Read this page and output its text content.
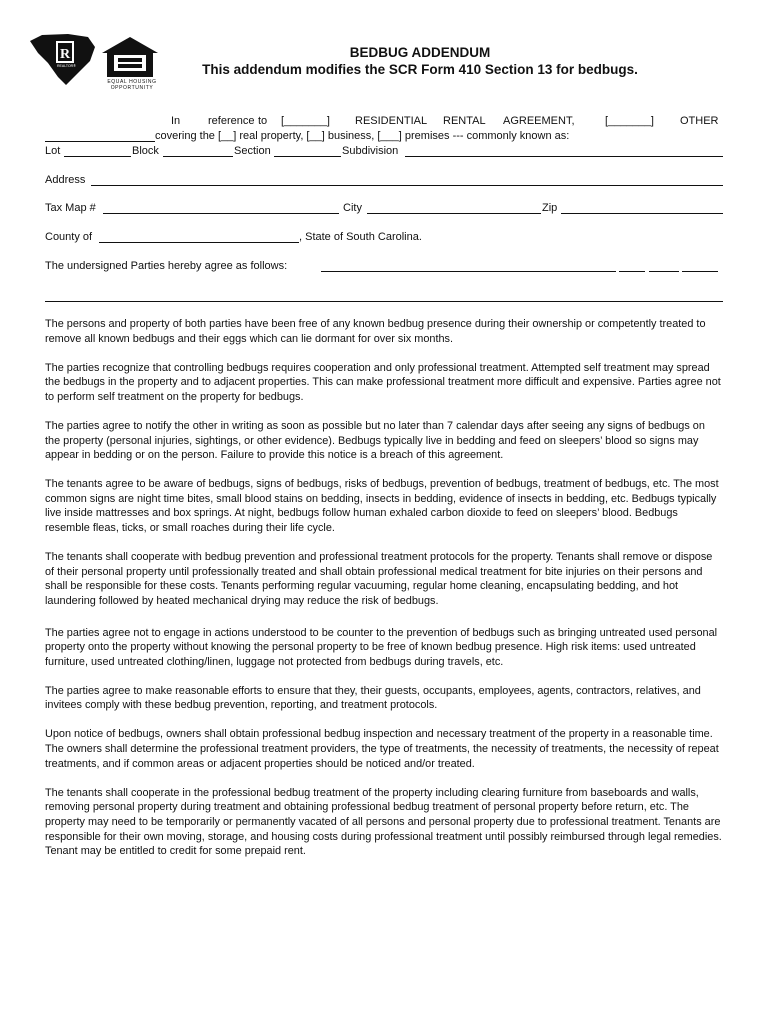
R
REALTOR®
EQUAL HOUSING OPPORTUNITY
BEDBUG ADDENDUM
This addendum modifies the SCR Form 410 Section 13 for bedbugs.
In	reference to [_______] RESIDENTIAL RENTAL AGREEMENT,	[_______] OTHER
covering the [__] real property, [__] business, [___] premises --- commonly known as:
Lot	Block	Section	Subdivision
Address
Tax Map #	City	Zip
County of	, State of South Carolina.
The undersigned Parties hereby agree as follows:

The persons and property of both parties have been free of any known bedbug presence during their ownership or competently treated to remove all known bedbugs and their eggs which can lie dormant for over six months.

The parties recognize that controlling bedbugs requires cooperation and only professional treatment. Attempted self treatment may spread the bedbugs in the property and to adjacent properties. This can make professional treatment more difficult and expensive. Parties agree not to perform self treatment on the property for bedbugs.

The parties agree to notify the other in writing as soon as possible but no later than 7 calendar days after seeing any signs of bedbugs on the property (personal injuries, sightings, or other evidence). Bedbugs typically live in bedding and feed on sleepers’ blood so signs may appear in bedding or on the person. Failure to provide this notice is a breach of this agreement.

The tenants agree to be aware of bedbugs, signs of bedbugs, risks of bedbugs, prevention of bedbugs, treatment of bedbugs, etc. The most common signs are night time bites, small blood stains on bedding, insects in bedding, evidence of insects in bedding, etc. Bedbugs typically live inside mattresses and box springs. At night, bedbugs follow human exhaled carbon dioxide to feed on sleepers’ blood. Bedbugs resemble fleas, ticks, or small roaches during their life cycle.

The tenants shall cooperate with bedbug prevention and professional treatment protocols for the property. Tenants shall remove or dispose of their personal property until professionally treated and shall obtain professional medical treatment for bite injuries on their persons and shall be responsible for these costs. Tenants performing regular vacuuming, regular home cleaning, encapsulating bedding, and hot laundering followed by heated mechanical drying may reduce the risk of bedbugs.

The parties agree not to engage in actions understood to be counter to the prevention of bedbugs such as bringing untreated used personal property onto the property without knowing the personal property to be free of known bedbug presence. High risk items: used untreated furniture, used untreated clothing/linen, luggage not protected from bedbugs during travels, etc.

The parties agree to make reasonable efforts to ensure that they, their guests, occupants, employees, agents, contractors, relatives, and invitees comply with these bedbug prevention, reporting, and treatment protocols.

Upon notice of bedbugs, owners shall obtain professional bedbug inspection and necessary treatment of the property in a reasonable time. The owners shall determine the professional treatment providers, the type of treatments, the necessity of treatments, the necessity of repeat treatments, and if common areas or adjacent properties should be noticed and/or treated.

The tenants shall cooperate in the professional bedbug treatment of the property including clearing furniture from baseboards and walls, removing personal property during treatment and obtaining professional bedbug treatment of personal property before return, etc. The property may need to be temporarily or permanently vacated of all persons and personal property due to professional treatment. Tenants are responsible for their own moving, storage, and housing costs during professional treatment until possibly reimbursed through legal remedies. Tenant may be entitled to credit for some prepaid rent.
